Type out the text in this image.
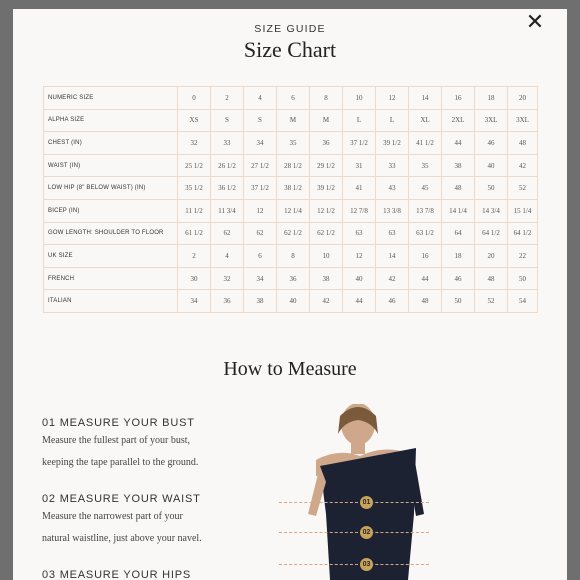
✕
SIZE GUIDE
Size Chart
NUMERIC SIZE	0	2	4	6	8	10	12	14	16	18	20
ALPHA SIZE	XS	S	S	M	M	L	L	XL	2XL	3XL	3XL
CHEST (IN)	32	33	34	35	36	37 1/2	39 1/2	41 1/2	44	46	48
WAIST (IN)	25 1/2	26 1/2	27 1/2	28 1/2	29 1/2	31	33	35	38	40	42
LOW HIP (8" BELOW WAIST) (IN)	35 1/2	36 1/2	37 1/2	38 1/2	39 1/2	41	43	45	48	50	52
BICEP (IN)	11 1/2	11 3/4	12	12 1/4	12 1/2	12 7/8	13 3/8	13 7/8	14 1/4	14 3/4	15 1/4
GOW LENGTH: SHOULDER TO FLOOR	61 1/2	62	62	62 1/2	62 1/2	63	63	63 1/2	64	64 1/2	64 1/2
UK SIZE	2	4	6	8	10	12	14	16	18	20	22
FRENCH	30	32	34	36	38	40	42	44	46	48	50
ITALIAN	34	36	38	40	42	44	46	48	50	52	54
How to Measure
01 MEASURE YOUR BUST
Measure the fullest part of your bust,
keeping the tape parallel to the ground.
02 MEASURE YOUR WAIST
Measure the narrowest part of your
natural waistline, just above your navel.
03 MEASURE YOUR HIPS
01
02
03
